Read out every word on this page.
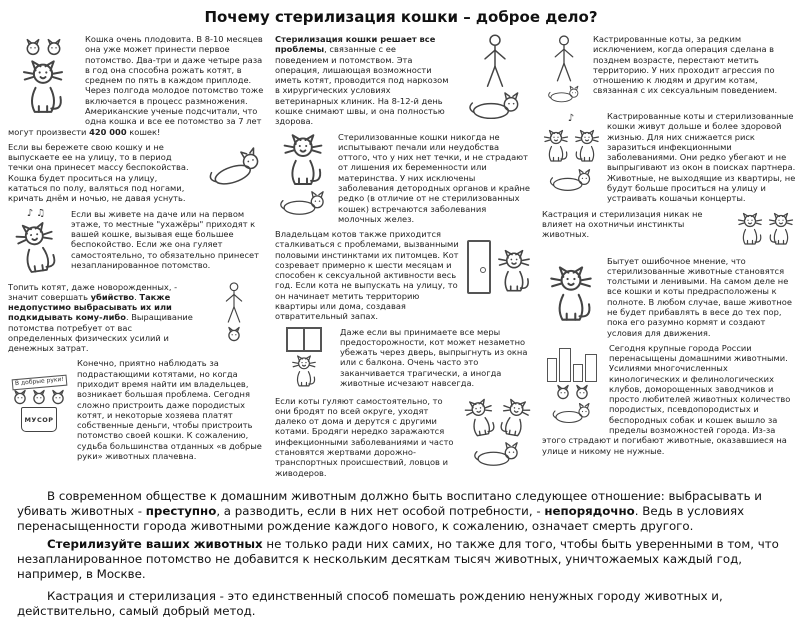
Почему стерилизация кошки – доброе дело?

Кошка очень плодовита. В 8-10 месяцев она уже может принести первое потомство. Два-три и даже четыре раза в год она способна рожать котят, в среднем по пять в каждом приплоде. Через полгода молодое потомство тоже включается в процесс размножения. Американские ученые подсчитали, что одна кошка и все ее потомство за 7 лет могут произвести 420 000 кошек!

Если вы бережете свою кошку и не выпускаете ее на улицу, то в период течки она принесет массу беспокойства. Кошка будет проситься на улицу, кататься по полу, валяться под ногами, кричать днём и ночью, не давая уснуть.

♪ ♫	Если вы живете на даче или на первом этаже, то местные "ухажёры" приходят к вашей кошке, вызывая еще большее беспокойство. Если же она гуляет самостоятельно, то обязательно принесет незапланированное потомство.

Топить котят, даже новорожденных, - значит совершать убийство. Также недопустимо выбрасывать их или подкидывать кому-либо. Выращивание потомства потребует от вас определенных физических усилий и денежных затрат.

В добрые руки!
МУСОР

Конечно, приятно наблюдать за подрастающими котятами, но когда приходит время найти им владельцев, возникает большая проблема. Сегодня сложно пристроить даже породистых котят, и некоторые хозяева платят собственные деньги, чтобы пристроить потомство своей кошки. К сожалению, судьба большинства отданных «в добрые руки» животных плачевна.

Стерилизация кошки решает все проблемы, связанные с ее поведением и потомством. Эта операция, лишающая возможности иметь котят, проводится под наркозом в хирургических условиях ветеринарных клиник. На 8-12-й день кошке снимают швы, и она полностью здорова.

Стерилизованные кошки никогда не испытывают печали или неудобства оттого, что у них нет течки, и не страдают от лишения их беременности или материнства. У них исключены заболевания детородных органов и крайне редко (в отличие от не стерилизованных кошек) встречаются заболевания молочных желез.

Владельцам котов также приходится сталкиваться с проблемами, вызванными половыми инстинктами их питомцев. Кот созревает примерно к шести месяцам и способен к сексуальной активности весь год. Если кота не выпускать на улицу, то он начинает метить территорию квартиры или дома, создавая отвратительный запах.

Даже если вы принимаете все меры предосторожности, кот может незаметно убежать через дверь, выпрыгнуть из окна или с балкона. Очень часто это заканчивается трагически, а иногда животные исчезают навсегда.

Если коты гуляют самостоятельно, то они бродят по всей округе, уходят далеко от дома и дерутся с другими котами. Бродяги нередко заражаются инфекционными заболеваниями и часто становятся жертвами дорожно-транспортных происшествий, ловцов и живодеров.

Кастрированные коты, за редким исключением, когда операция сделана в позднем возрасте, перестают метить территорию. У них проходит агрессия по отношению к людям и другим котам, связанная с их сексуальным поведением.

♪	Кастрированные коты и стерилизованные кошки живут дольше и более здоровой жизнью. Для них снижается риск заразиться инфекционными заболеваниями. Они редко убегают и не выпрыгивают из окон в поисках партнера. Животные, не выходящие из квартиры, не будут больше проситься на улицу и устраивать кошачьи концерты.

Кастрация и стерилизация никак не влияет на охотничьи инстинкты животных.

Бытует ошибочное мнение, что стерилизованные животные становятся толстыми и ленивыми. На самом деле не все кошки и коты предрасположены к полноте. В любом случае, ваше животное не будет прибавлять в весе до тех пор, пока его разумно кормят и создают условия для движения.

Сегодня крупные города России перенасыщены домашними животными. Усилиями многочисленных кинологических и фелинологических клубов, доморощенных заводчиков и просто любителей животных количество породистых, псевдопородистых и беспородных собак и кошек вышло за пределы возможностей города. Из-за этого страдают и погибают животные, оказавшиеся на улице и никому не нужные.

В современном обществе к домашним животным должно быть воспитано следующее отношение: выбрасывать и убивать животных - преступно, а разводить, если в них нет особой потребности, - непорядочно. Ведь в условиях перенасыщенности города животными рождение каждого нового, к сожалению, означает смерть другого.

Стерилизуйте ваших животных не только ради них самих, но также для того, чтобы быть уверенными в том, что незапланированное потомство не добавится к нескольким десяткам тысяч животных, уничтожаемых каждый год, например, в Москве.

Кастрация и стерилизация - это единственный способ помешать рождению ненужных городу животных и, действительно, самый добрый метод.
